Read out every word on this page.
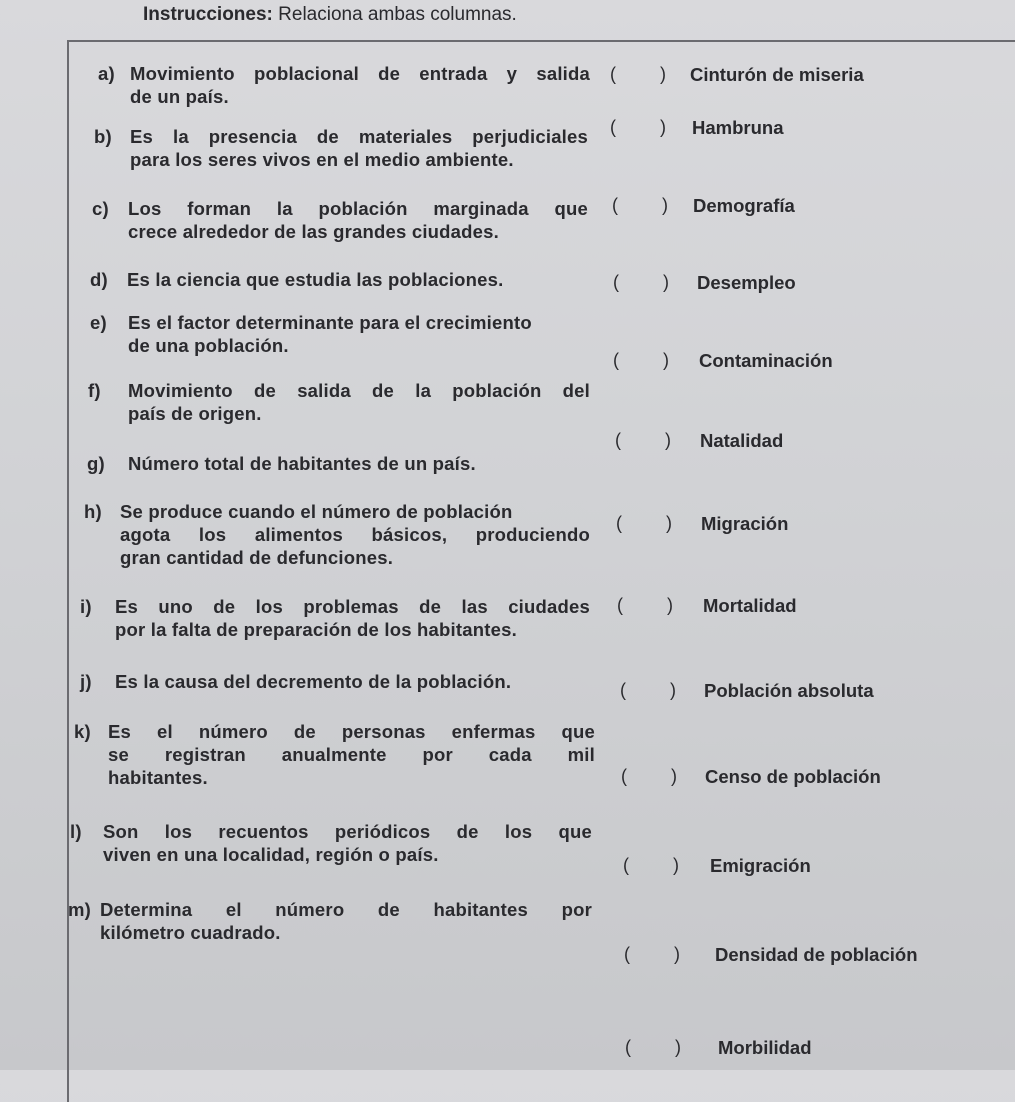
Instrucciones: Relaciona ambas columnas.
a) Movimiento poblacional de entrada y salida
de un país.
b) Es la presencia de materiales perjudiciales
para los seres vivos en el medio ambiente.
c) Los forman la población marginada que
crece alrededor de las grandes ciudades.
d) Es la ciencia que estudia las poblaciones.
e) Es el factor determinante para el crecimiento
de una población.
f) Movimiento de salida de la población del
país de origen.
g) Número total de habitantes de un país.
h) Se produce cuando el número de población
agota los alimentos básicos, produciendo
gran cantidad de defunciones.
i) Es uno de los problemas de las ciudades
por la falta de preparación de los habitantes.
j) Es la causa del decremento de la población.
k) Es el número de personas enfermas que
se registran anualmente por cada mil
habitantes.
l) Son los recuentos periódicos de los que
viven en una localidad, región o país.
m) Determina el número de habitantes por
kilómetro cuadrado.
( ) Cinturón de miseria
( ) Hambruna
( ) Demografía
( ) Desempleo
( ) Contaminación
( ) Natalidad
( ) Migración
( ) Mortalidad
( ) Población absoluta
( ) Censo de población
( ) Emigración
( ) Densidad de población
( ) Morbilidad
